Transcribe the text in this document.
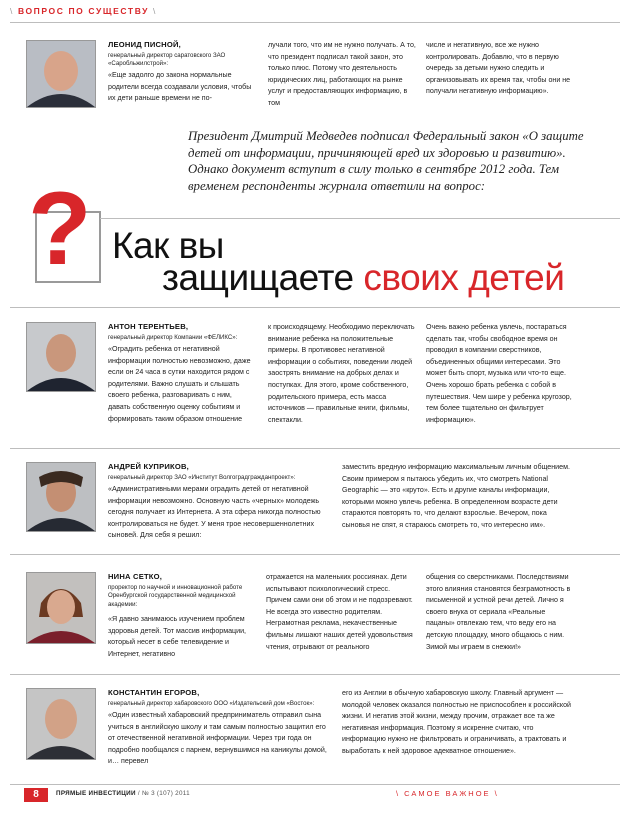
\ ВОПРОС ПО СУЩЕСТВУ \
ЛЕОНИД ПИСНОЙ,
генеральный директор саратовского ЗАО «Саробльжилстрой»:
«Еще задолго до закона нормальные родители всегда создавали условия, чтобы их дети раньше времени не по-
лучали того, что им не нужно получать. А то, что президент подписал такой закон, это только плюс. Потому что деятельность юридических лиц, работающих на рынке услуг и предоставляющих информацию, в том
числе и негативную, все же нужно контролировать. Добавлю, что в первую очередь за детьми нужно следить и организовывать их время так, чтобы они не получали негативную информацию».
Президент Дмитрий Медведев подписал Федеральный закон «О защите детей от информации, причиняющей вред их здоровью и развитию». Однако документ вступит в силу только в сентябре 2012 года. Тем временем респонденты журнала ответили на вопрос:
? Как вы
защищаете своих детей
АНТОН ТЕРЕНТЬЕВ,
генеральный директор Компании «ФЕЛИКС»:
«Оградить ребенка от негативной информации полностью невозможно, даже если он 24 часа в сутки находится рядом с родителями. Важно слушать и слышать своего ребенка, разговаривать с ним, давать собственную оценку событиям и формировать таким образом отношение
к происходящему. Необходимо переключать внимание ребенка на положительные примеры. В противовес негативной информации о событиях, поведении людей заострять внимание на добрых делах и поступках. Для этого, кроме собственного, родительского примера, есть масса источников — правильные книги, фильмы, спектакли.
Очень важно ребенка увлечь, постараться сделать так, чтобы свободное время он проводил в компании сверстников, объединенных общими интересами. Это может быть спорт, музыка или что-то еще. Очень хорошо брать ребенка с собой в путешествия. Чем шире у ребенка кругозор, тем более тщательно он фильтрует информацию».
АНДРЕЙ КУПРИКОВ,
генеральный директор ЗАО «Институт Волгоградгражданпроект»:
«Административными мерами оградить детей от негативной информации невозможно. Основную часть «черных» молодежь сегодня получает из Интернета. А эта сфера никогда полностью контролироваться не будет. У меня трое несовершеннолетних сыновей. Для себя я решил:
заместить вредную информацию максимальным личным общением. Своим примером я пытаюсь убедить их, что смотреть National Geographic — это «круто». Есть и другие каналы информации, которыми можно увлечь ребенка. В определенном возрасте дети стараются повторять то, что делают взрослые. Вечером, пока сыновья не спят, я стараюсь смотреть то, что интересно им».
НИНА СЕТКО,
проректор по научной и инновационной работе Оренбургской государственной медицинской академии:
«Я давно занимаюсь изучением проблем здоровья детей. Тот массив информации, который несет в себе телевидение и Интернет, негативно
отражается на маленьких россиянах. Дети испытывают психологический стресс. Причем сами они об этом и не подозревают. Не всегда это известно родителям. Неграмотная реклама, некачественные фильмы лишают наших детей удовольствия чтения, отрывают от реального
общения со сверстниками. Последствиями этого влияния становятся безграмотность в письменной и устной речи детей. Лично я своего внука от сериала «Реальные пацаны» отвлекаю тем, что веду его на детскую площадку, много общаюсь с ним. Зимой мы играем в снежки!»
КОНСТАНТИН ЕГОРОВ,
генеральный директор хабаровского ООО «Издательский дом «Восток»:
«Один известный хабаровский предприниматель отправил сына учиться в английскую школу и там самым полностью защитил его от отечественной негативной информации. Через три года он подробно пообщался с парнем, вернувшимся на каникулы домой, и… перевел
его из Англии в обычную хабаровскую школу. Главный аргумент — молодой человек оказался полностью не приспособлен к российской жизни. И негатив этой жизни, между прочим, отражает все та же негативная информация. Поэтому я искренне считаю, что информацию нужно не фильтровать и ограничивать, а трактовать и выработать к ней здоровое адекватное отношение».
8	ПРЯМЫЕ ИНВЕСТИЦИИ / № 3 (107) 2011	\ САМОЕ ВАЖНОЕ \
